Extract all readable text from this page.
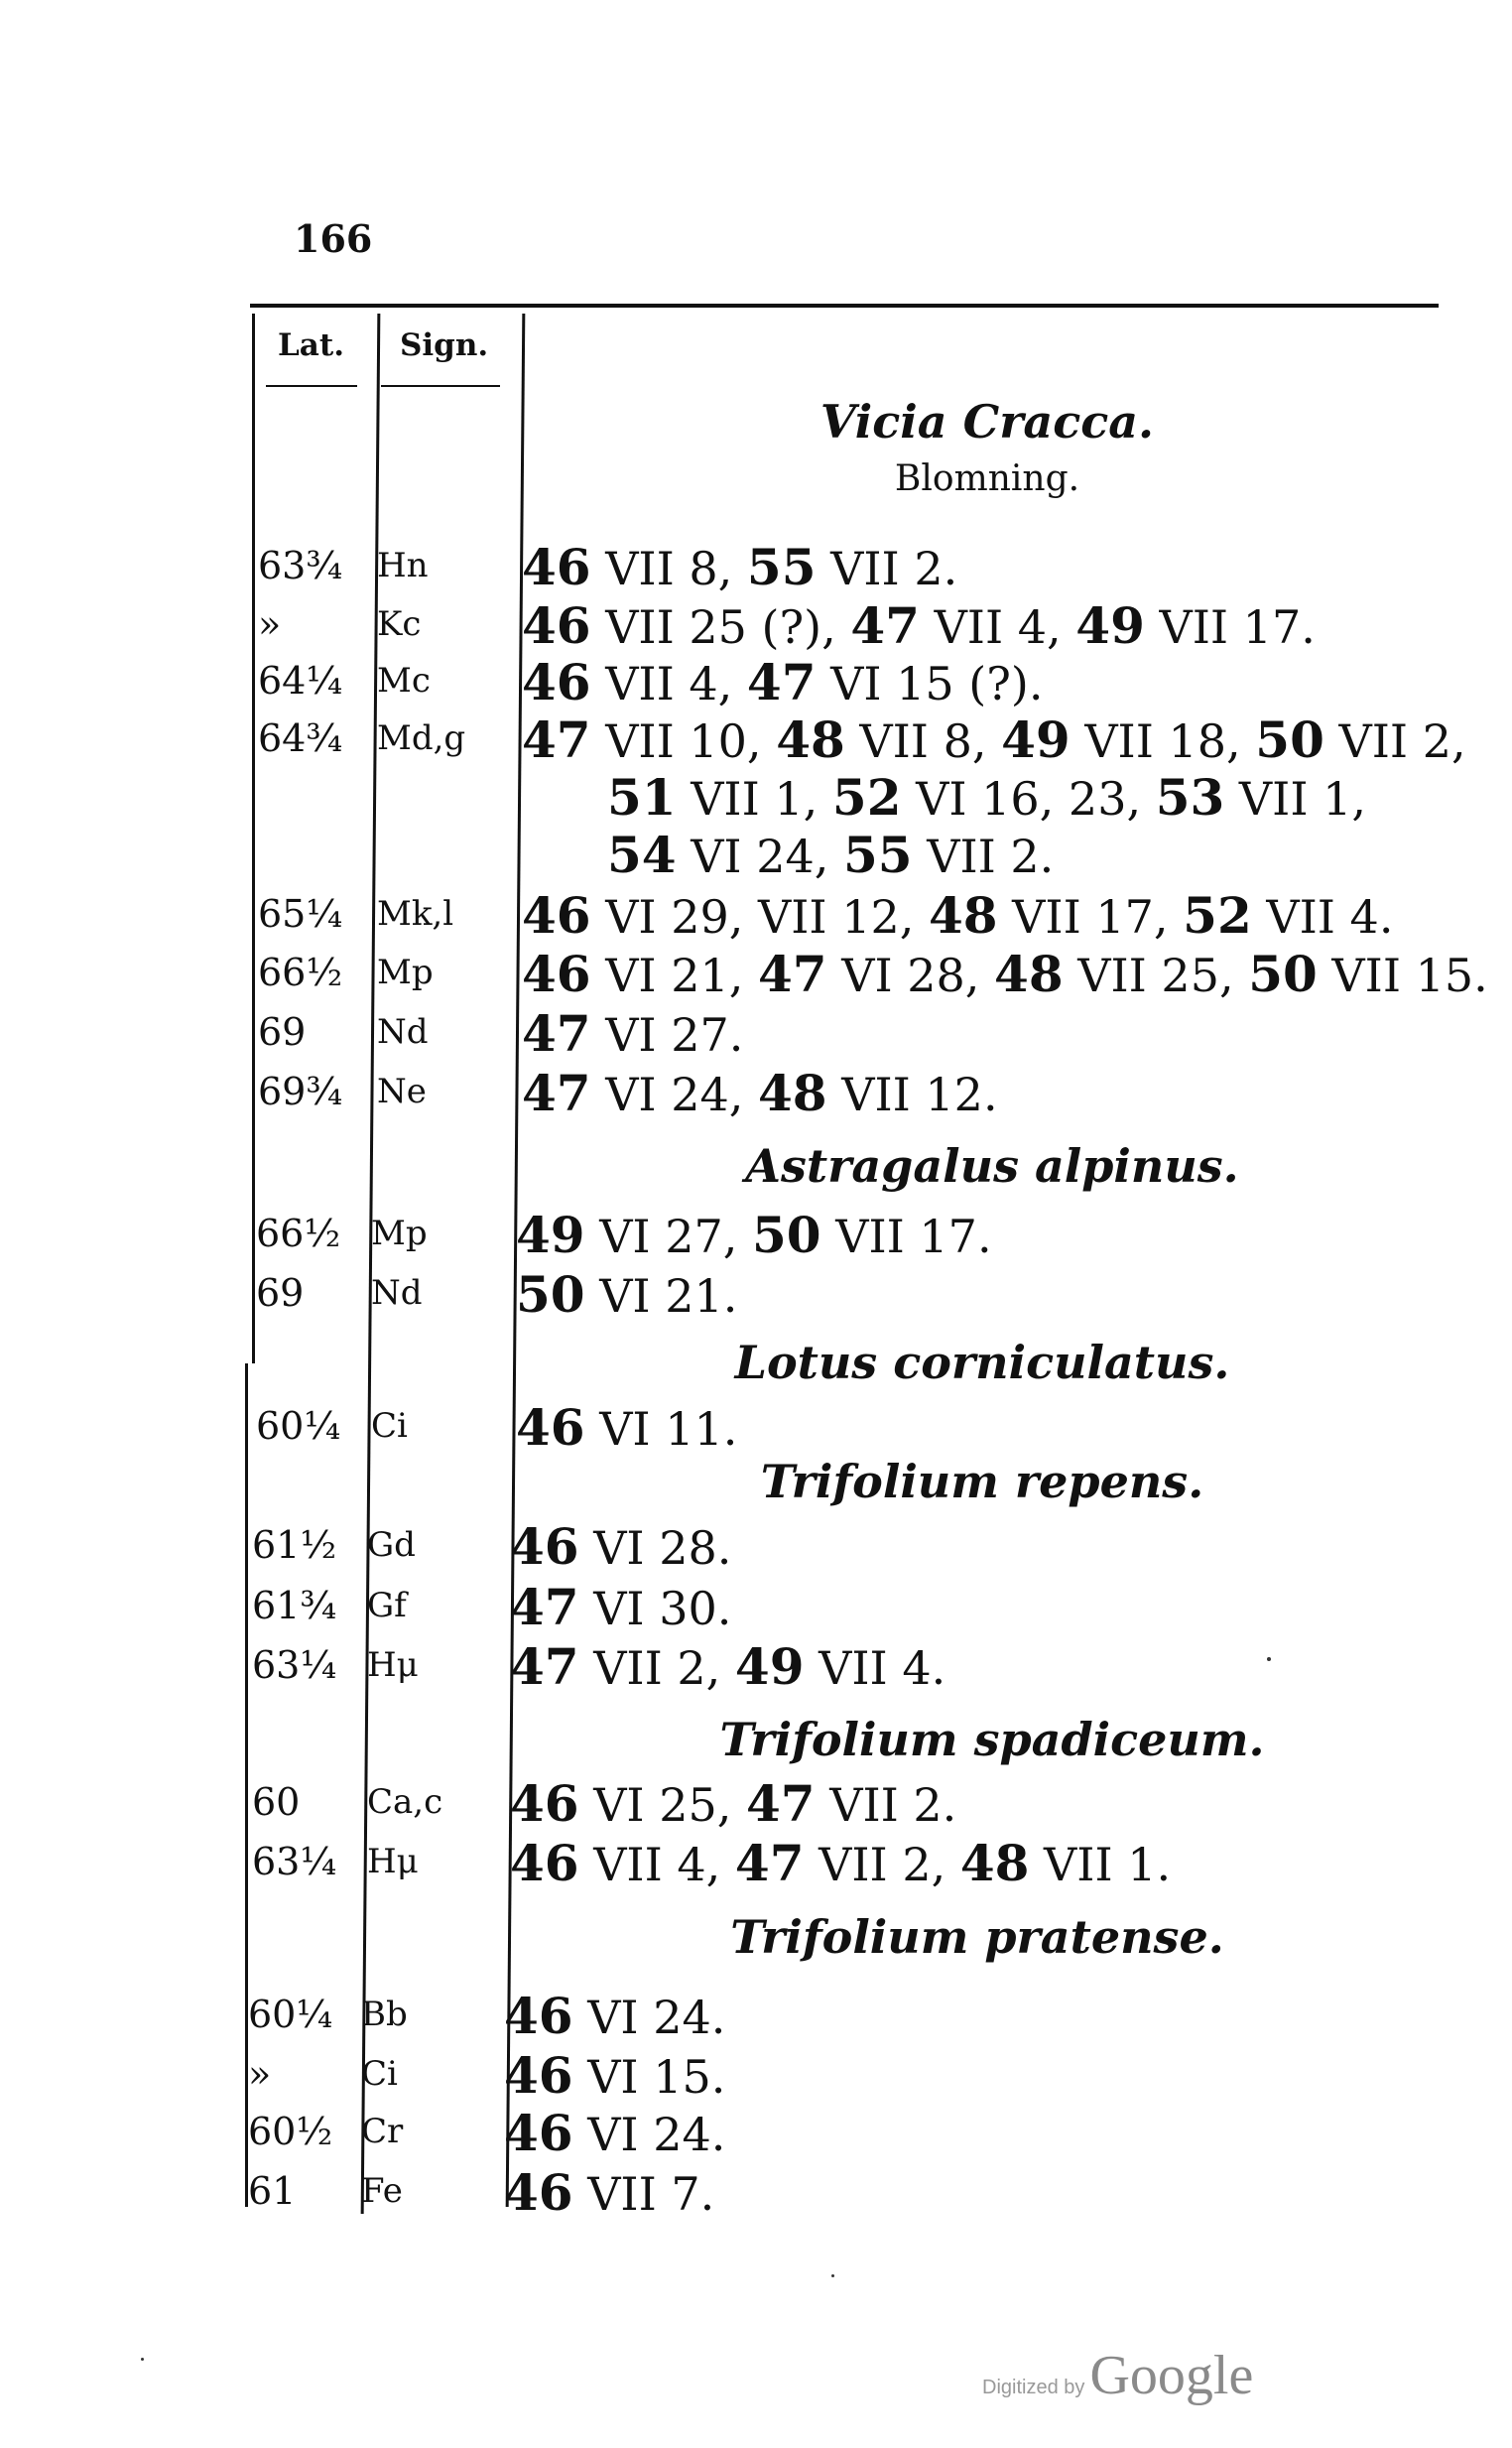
166
Lat. Sign.
Vicia Cracca.
Blomning.
63¾ Hn 46 VII 8, 55 VII 2.
»	Kc 46 VII 25 (?), 47 VII 4, 49 VII 17.
64¼ Mc 46 VII 4, 47 VI 15 (?).
64¾ Md,g 47 VII 10, 48 VII 8, 49 VII 18, 50 VII 2,
51 VII 1, 52 VI 16, 23, 53 VII 1,
54 VI 24, 55 VII 2.
65¼ Mk,l 46 VI 29, VII 12, 48 VII 17, 52 VII 4.
66½ Mp 46 VI 21, 47 VI 28, 48 VII 25, 50 VII 15.
69 Nd 47 VI 27.
69¾ Ne 47 VI 24, 48 VII 12.
Astragalus alpinus.
66½ Mp 49 VI 27, 50 VII 17.
69 Nd 50 VI 21.
Lotus corniculatus.
60¼ Ci 46 VI 11.
Trifolium repens.
61½ Gd 46 VI 28.
61¾ Gf 47 VI 30.
63¼ Hμ 47 VII 2, 49 VII 4.
Trifolium spadiceum.
60 Ca,c 46 VI 25, 47 VII 2.
63¼ Hμ 46 VII 4, 47 VII 2, 48 VII 1.
Trifolium pratense.
60¼ Bb 46 VI 24.
»	Ci 46 VI 15.
60½ Cr 46 VI 24.
61 Fe 46 VII 7.
Digitized by Google
